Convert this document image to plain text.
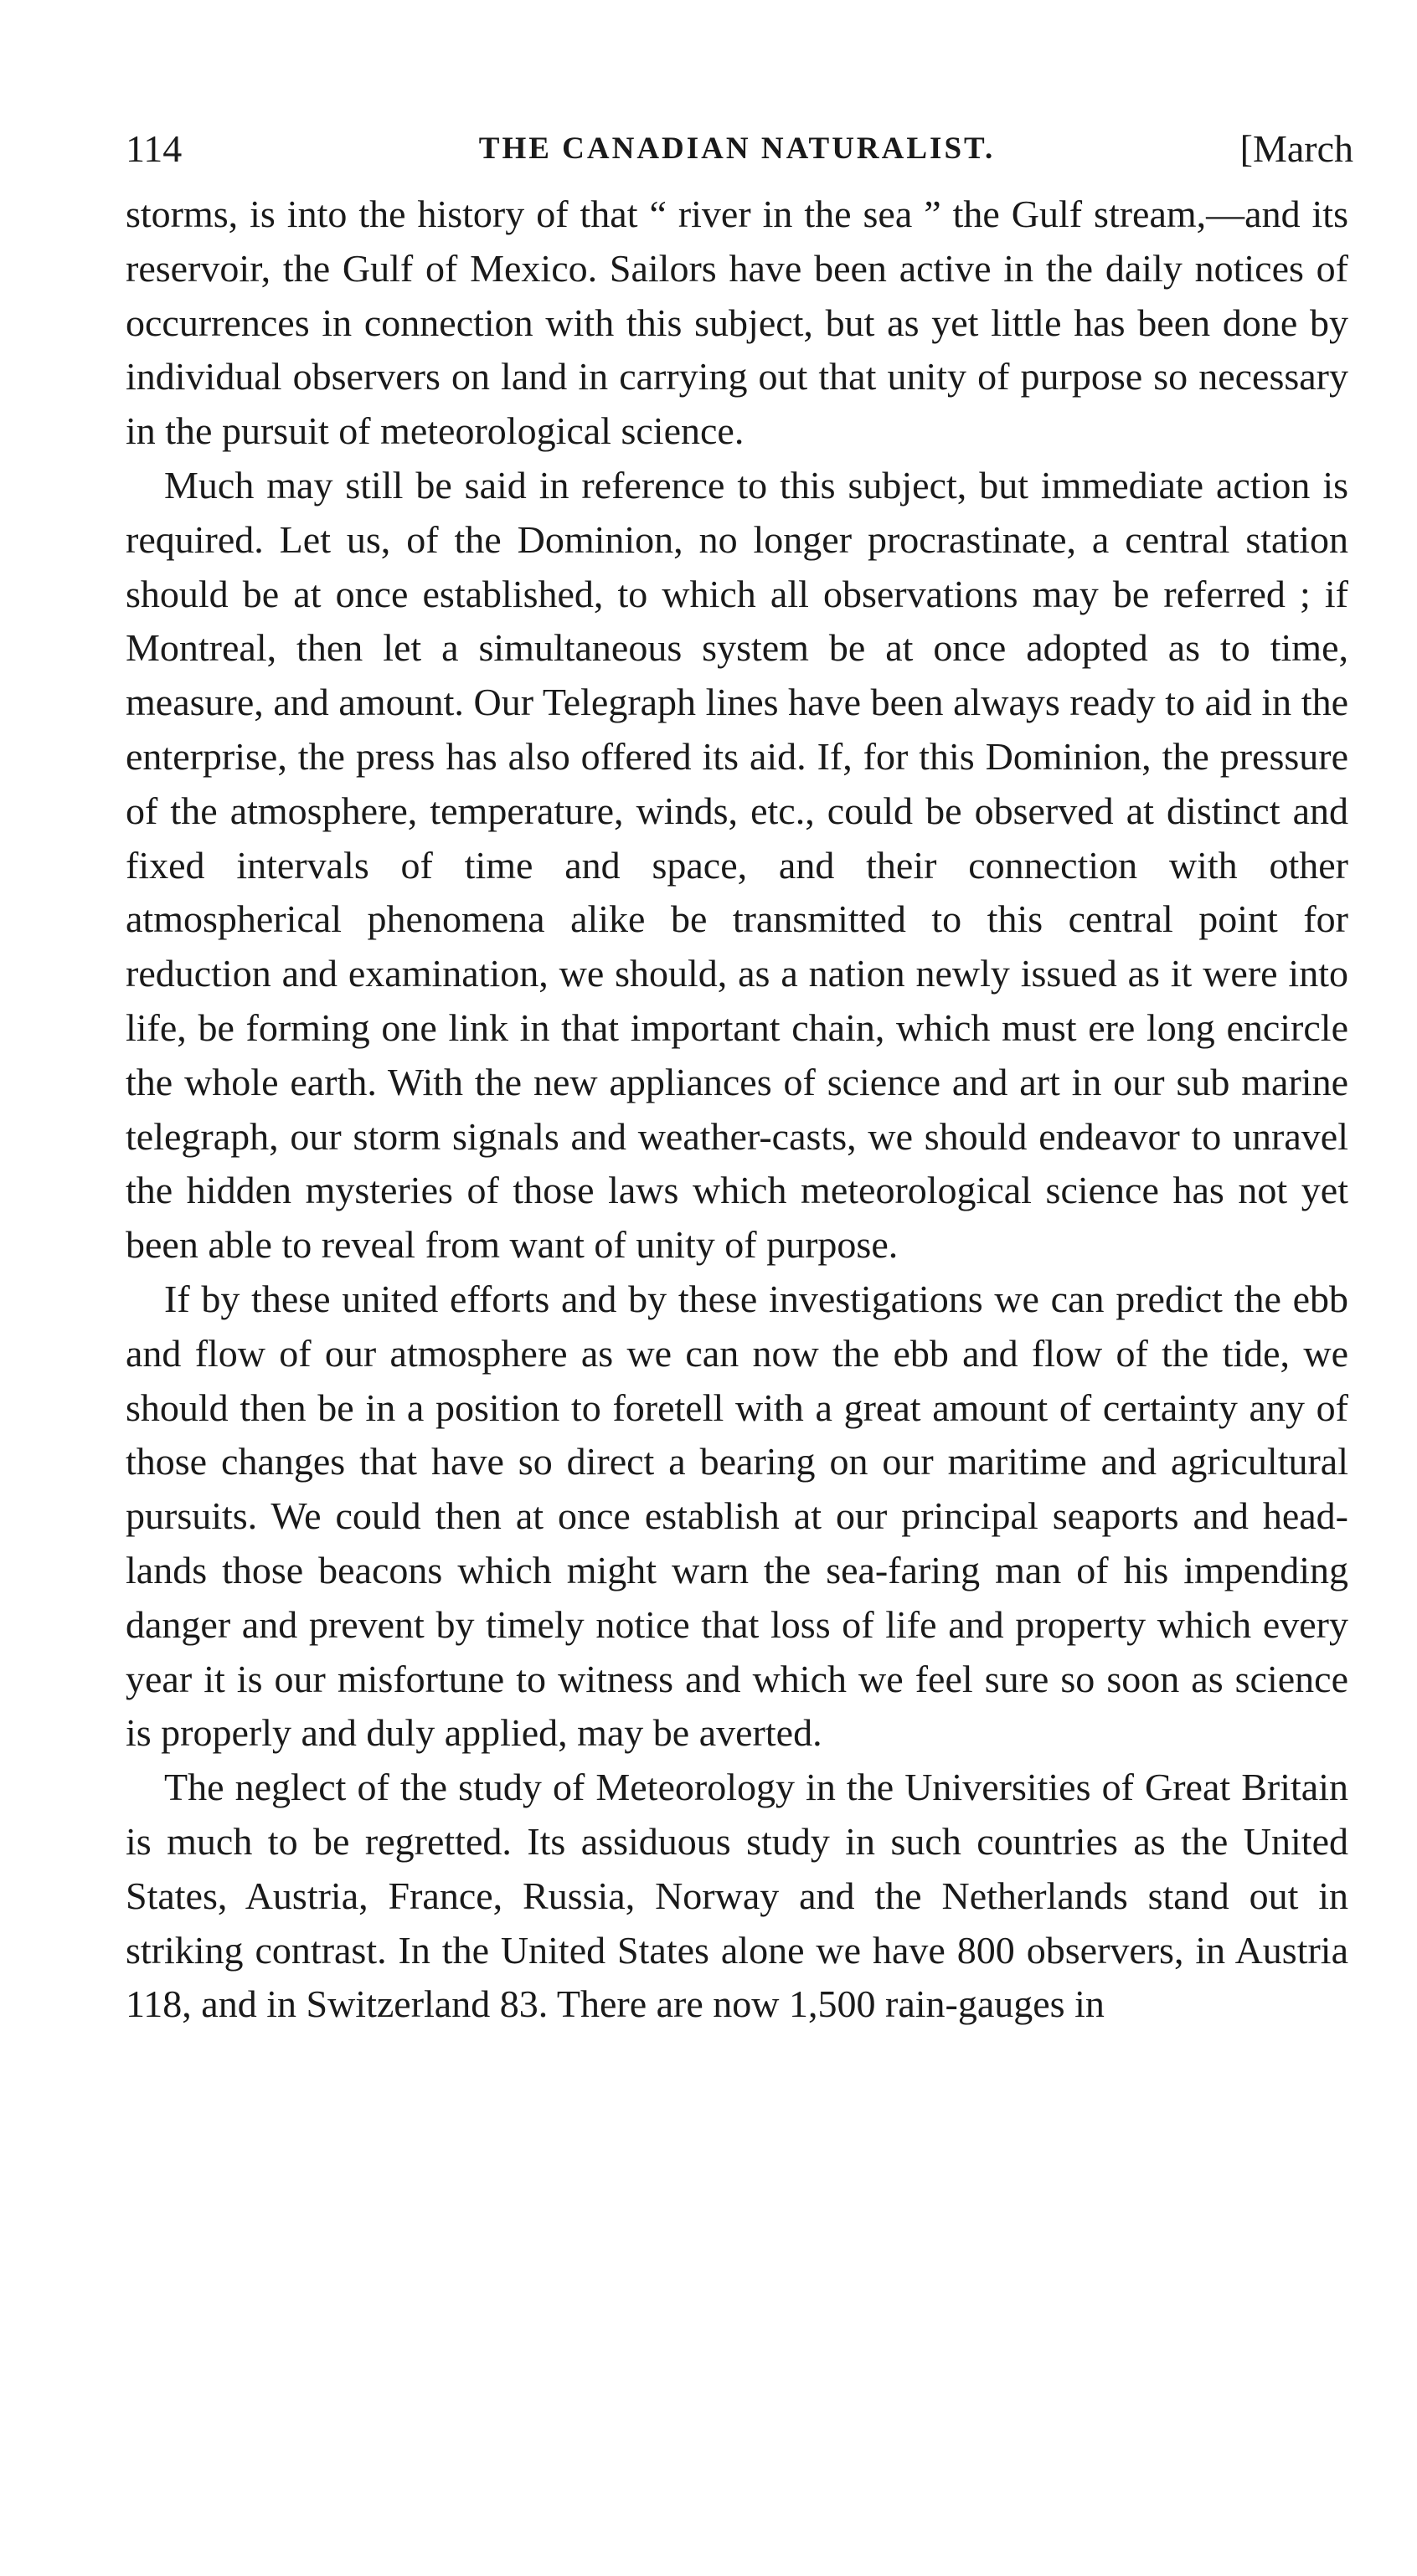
114	THE CANADIAN NATURALIST.	[March

storms, is into the history of that “ river in the sea ” the Gulf stream,—and its reservoir, the Gulf of Mexico. Sailors have been active in the daily notices of occurrences in connection with this subject, but as yet little has been done by individual observers on land in carrying out that unity of purpose so necessary in the pursuit of meteorological science.

Much may still be said in reference to this subject, but immediate action is required. Let us, of the Dominion, no longer procrastinate, a central station should be at once established, to which all observations may be referred ; if Montreal, then let a simultaneous system be at once adopted as to time, measure, and amount. Our Telegraph lines have been always ready to aid in the enterprise, the press has also offered its aid. If, for this Dominion, the pressure of the atmosphere, temperature, winds, etc., could be observed at distinct and fixed intervals of time and space, and their connection with other atmospherical phenomena alike be transmitted to this central point for reduction and examination, we should, as a nation newly issued as it were into life, be forming one link in that important chain, which must ere long encircle the whole earth. With the new appliances of science and art in our sub marine telegraph, our storm signals and weather-casts, we should endeavor to unravel the hidden mysteries of those laws which meteorological science has not yet been able to reveal from want of unity of purpose.

If by these united efforts and by these investigations we can predict the ebb and flow of our atmosphere as we can now the ebb and flow of the tide, we should then be in a position to foretell with a great amount of certainty any of those changes that have so direct a bearing on our maritime and agricultural pursuits. We could then at once establish at our principal seaports and head-lands those beacons which might warn the sea-faring man of his impending danger and prevent by timely notice that loss of life and property which every year it is our misfortune to witness and which we feel sure so soon as science is properly and duly applied, may be averted.

The neglect of the study of Meteorology in the Universities of Great Britain is much to be regretted. Its assiduous study in such countries as the United States, Austria, France, Russia, Norway and the Netherlands stand out in striking contrast. In the United States alone we have 800 observers, in Austria 118, and in Switzerland 83. There are now 1,500 rain-gauges in
